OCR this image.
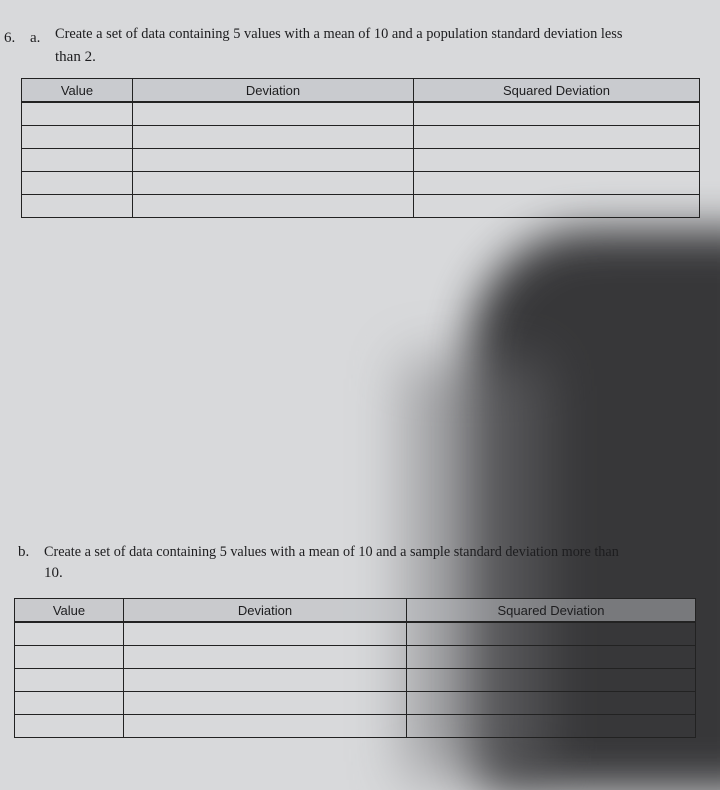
6. a. Create a set of data containing 5 values with a mean of 10 and a population standard deviation less
than 2.
Value	Deviation	Squared Deviation

b. Create a set of data containing 5 values with a mean of 10 and a sample standard deviation more than
10.
Value	Deviation	Squared Deviation
